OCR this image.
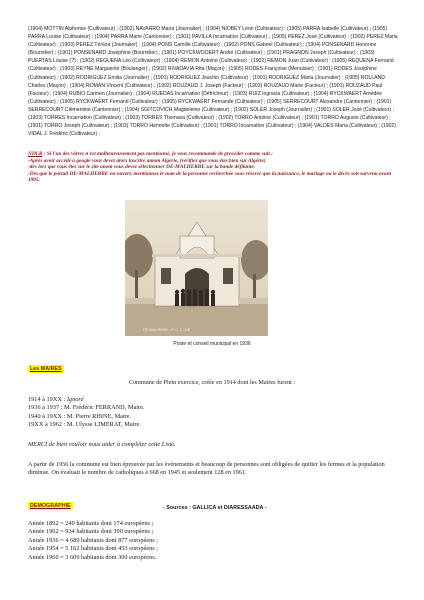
(1904) MOTTIN Alphonse (Cultivateur) ; (1902) NAVARRO Maria (Journalier) ; (1904) NIOBEY Léon (Cultivateur) ; (1905) PARRA Isabelle (Cultivateur) ; (1905) PARRA Louise (Cultivateur) ; (1904) PARRA Marie (Cantonnier) ; (1901) PAVILLA Incarnation (Cultivateur) ; (1905) PEREZ José (Cultivateur) ; (1902) PEREZ Maria (Cultivateur) ; (1903) PEREZ Téréza (Journalier) ; (1904) PONS Camille (Cultivateur) ; (1902) PONS Gabriel (Cultivateur) ; (1904) PONSENARD Honorine (Bourrelier) ; (1901) PONSENARD Joséphine (Bourrelier) ; (1901) POYCKWOOERT André (Cultivateur) ; (1901) PRAGNON Joseph (Cultivateur) ; (1903) PUERTAS Louise (?) ; (1902) REGUENA Léo (Cultivateur) ; (1904) REMON Antoine (Cultivateur) ; (1902) REMON Juan (Cultivateur) ; (1905) REQUENA Fernand (Cultivateur) ; (1903) REYNE Marguerite (Boulanger) ; (1902) RIVADAVIA Rita (Maçon) ; (1905) RODES Françoise (Menuisier) ; (1901) RODES Joséphine (Cultivateur) ; (1902) RODRIGUEZ Emilia (Journalier) ; (1901) RODRIGUEZ Joachin (Cultivateur) ; (1901) RODRIGUEZ Maria (Journalier) ; (1905) ROLLAND Charles (Maçon) ; (1904) ROMAN Vincent (Cultivateur) ; (1902) ROUZAUD J. Joseph (Facteur) ; (1903) ROUZAUD Marie (Facteur) ; (1901) ROUZAUD Paul (Facteur) ; (1904) RUBIO Carmen (Journalier) ; (1904) RUEDAS Incarnation (Défricheur) ; (1903) RUIZ Ingracia (Cultivateur) ; (1904) RYCKWAERT Amédée (Cultivateur) ; (1905) RYCKWAERT Fernand (Cultivateur) ; (1905) RYCKWAERT Fernande (Cultivateur) ; (1905) SERRECOURT Alexandre (Cantonnier) ; (1901) SERRECOURT Clémentine (Cantonnier) ; (1904) SGITCOVICH Magdeleine (Cultivateur) ; (1902) SOLER Joseph (Journalier) ; (1901) SOLER José (Cultivateur) ; (1903) TORRES Incarnation (Cultivateur) ; (1903) TORRES Thomasa (Cultivateur) ; (1902) TORRO Antoine (Cultivateur) ; (1901) TORRO Auguste (Cultivateur) ; (1901) TORRO Joseph (Cultivateur) ; (1903) TORRO Henriette (Cultivateur) ; (1901) TORRO Incarnation (Cultivateur) ; (1904) VALDES Maria (Cultivateur) ; (1902) VIDAL J. Frédéric (Cultivateur) ;

NDLR : Si l'un des vôtres n'est malheureusement pas mentionné, je vous recommande de procéder comme suit :

-Après avoir accédé à google vous devez alors inscrire amom Algérie, (vérifiez que vous êtes bien sur Algérie)

-dès lors que vous êtes sur le site anom vous devez sélectionner DE-MALHERBE sur la bande défilante.

-Dès que le portail DE-MALHERBE est ouvert, mentionnez le nom de la personne recherchée sous réserve que la naissance, le mariage ou le décès soit survenu avant 1905.

DE-MALHERBE - P. C. T. LNE
Poste et conseil municipal en 1936
Les MAIRES
Commune de Plein exercice, créée en 1914 dont les Maires furent :

1914 à 19XX : Ignoré

1936 à 1937 : M. Frédéric FERRAND, Maire.

1940 à 19XX : M. Pierre RHINE, Maire.

19XX à 1962 : M. Ulysse LIMERAT, Maire.

MERCI de bien vouloir nous aider à compléter cette Liste.
A partir de 1956 la commune est bien éprouvée par les évènements et beaucoup de personnes sont obligées de quitter les fermes et la population diminue. On évaluait le nombre de catholiques à 668 en 1945 et seulement 128 en 1961.
DEMOGRAPHIE	- Sources : GALLICA et DIARESSAADA -

Année 1892 = 240 habitants dont 174 européens ;

Année 1902 = 934 habitants dont 390 européens ;

Année 1936 = 4 689 habitants dont 877 européens ;

Année 1954 = 5 162 habitants dont 453 européens ;

Année 1960 = 3 609 habitants dont 300 européens.
